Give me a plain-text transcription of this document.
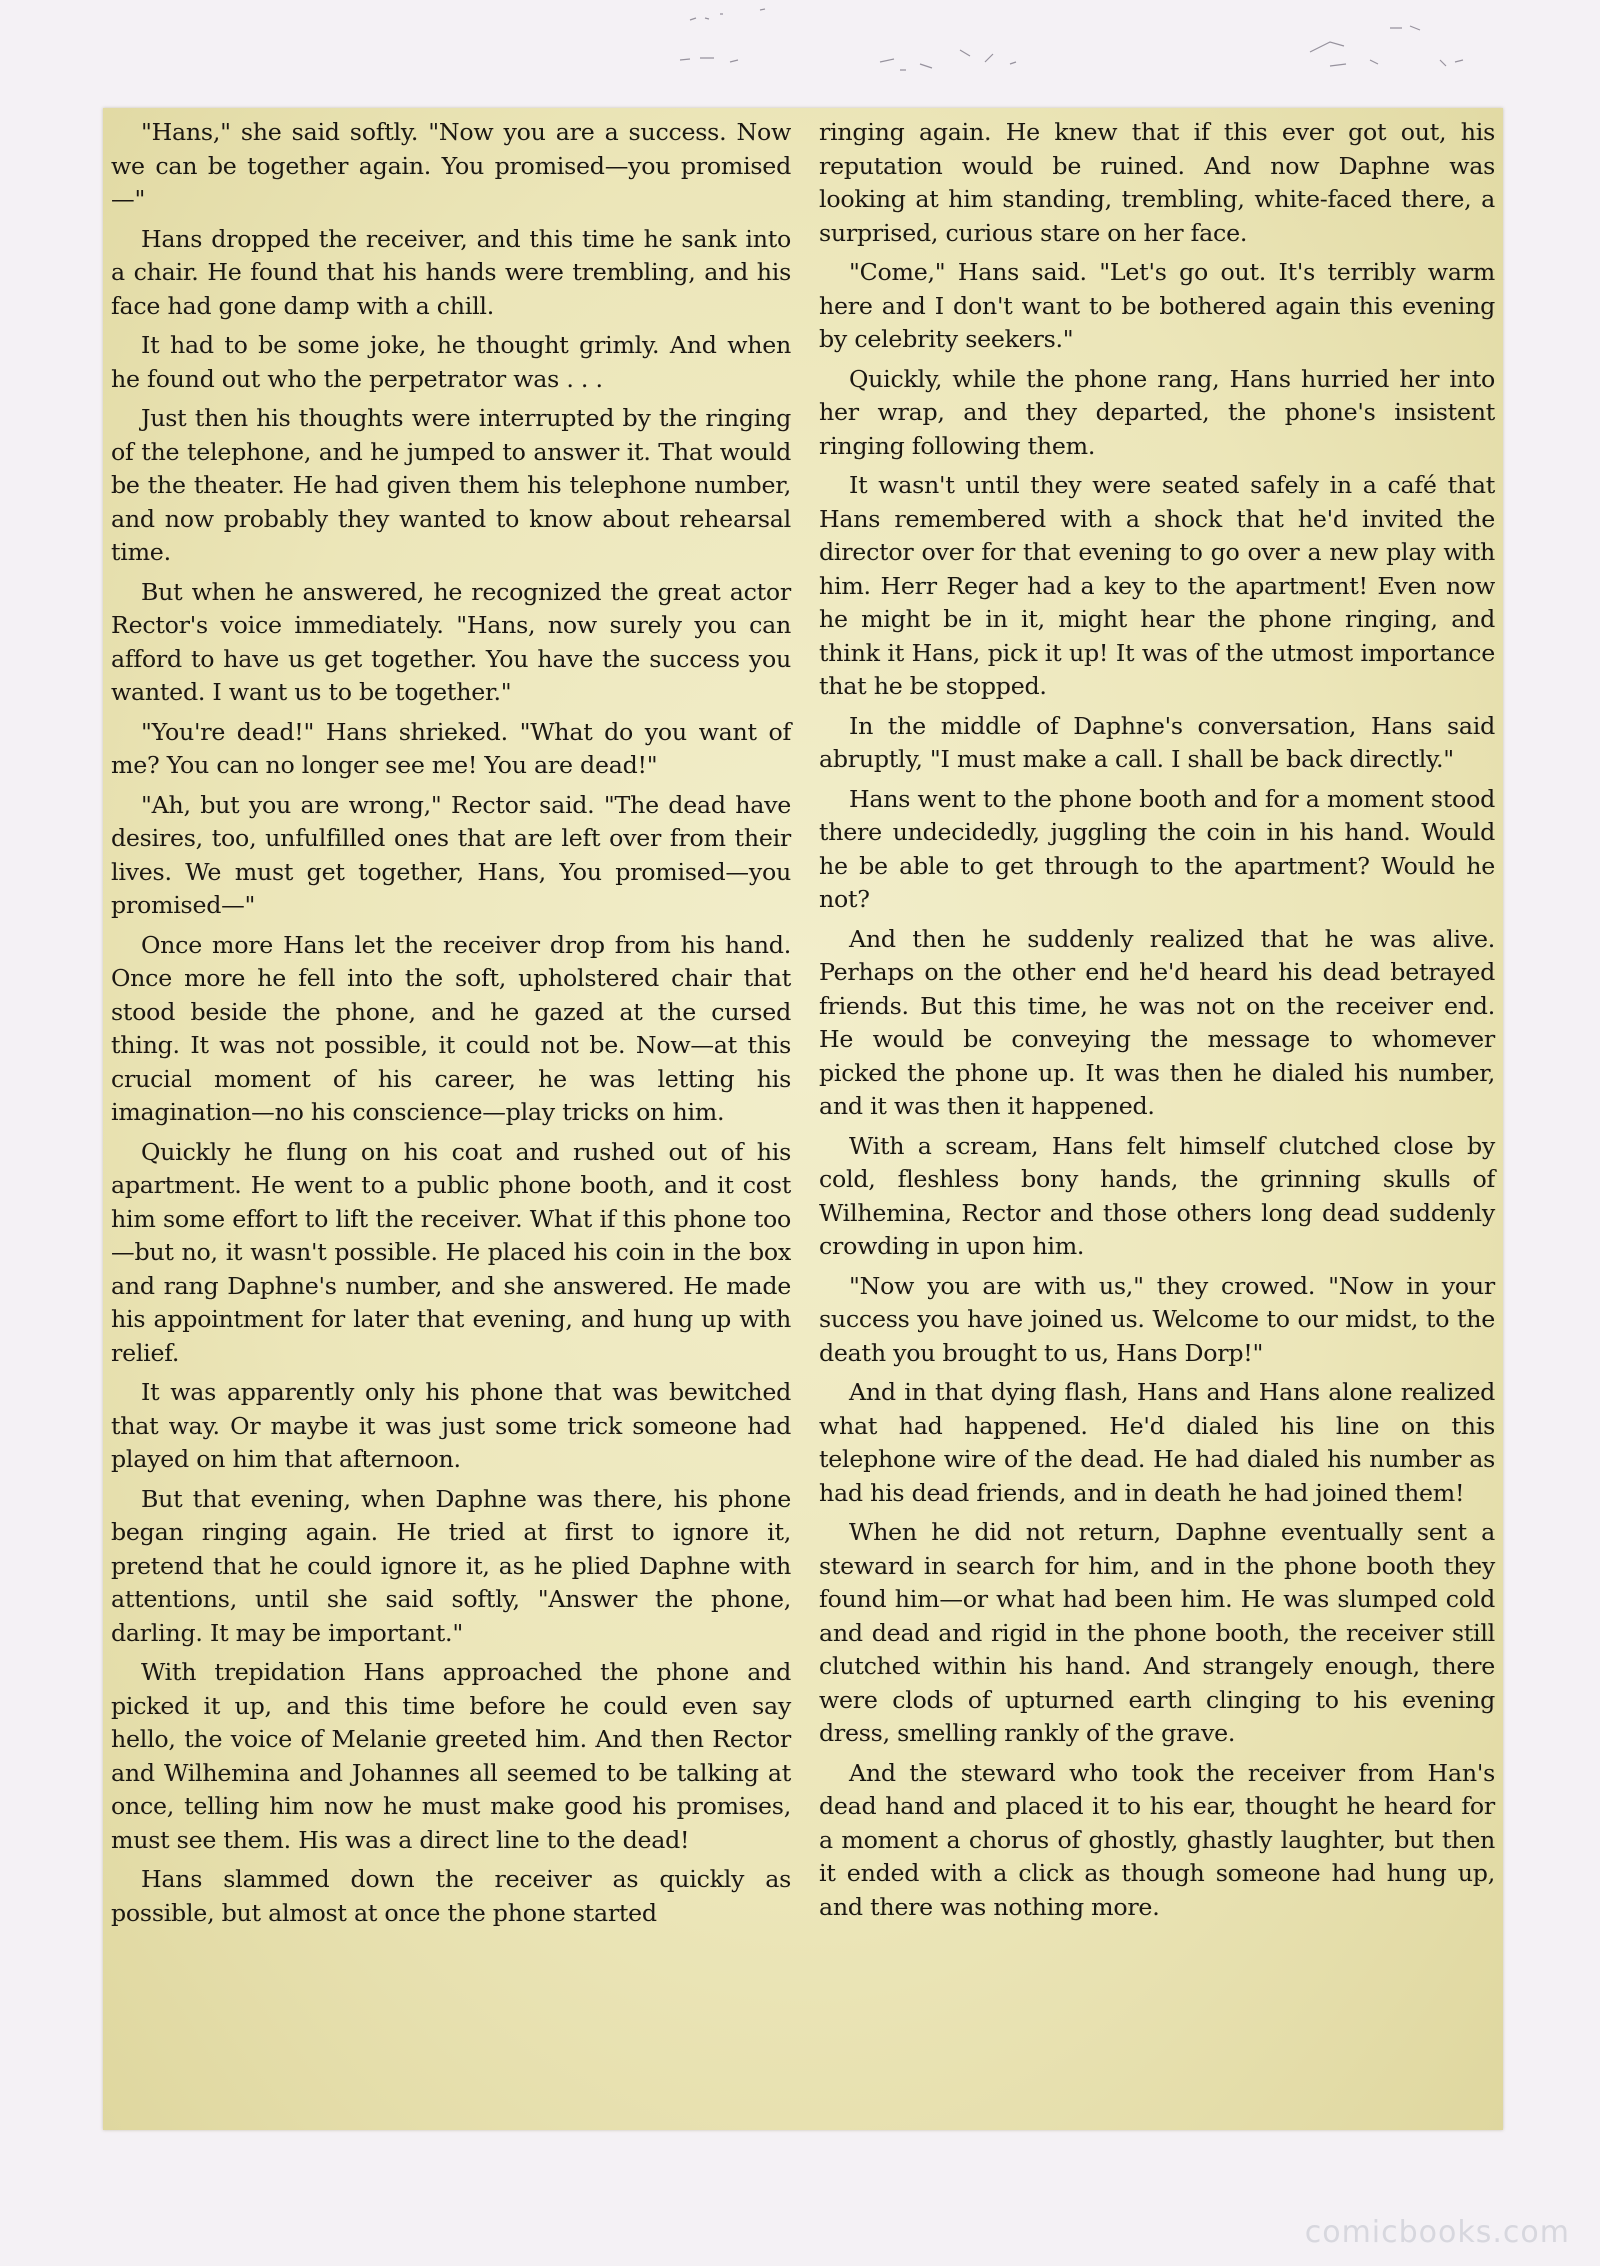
"Hans," she said softly. "Now you are a success. Now we can be together again. You promised—you promised—"

Hans dropped the receiver, and this time he sank into a chair. He found that his hands were trembling, and his face had gone damp with a chill.

It had to be some joke, he thought grimly. And when he found out who the perpetrator was . . .

Just then his thoughts were interrupted by the ringing of the telephone, and he jumped to answer it. That would be the theater. He had given them his telephone number, and now probably they wanted to know about rehearsal time.

But when he answered, he recognized the great actor Rector's voice immediately. "Hans, now surely you can afford to have us get together. You have the success you wanted. I want us to be together."

"You're dead!" Hans shrieked. "What do you want of me? You can no longer see me! You are dead!"

"Ah, but you are wrong," Rector said. "The dead have desires, too, unfulfilled ones that are left over from their lives. We must get together, Hans, You promised—you promised—"

Once more Hans let the receiver drop from his hand. Once more he fell into the soft, upholstered chair that stood beside the phone, and he gazed at the cursed thing. It was not possible, it could not be. Now—at this crucial moment of his career, he was letting his imagination—no his conscience—play tricks on him.

Quickly he flung on his coat and rushed out of his apartment. He went to a public phone booth, and it cost him some effort to lift the receiver. What if this phone too—but no, it wasn't possible. He placed his coin in the box and rang Daphne's number, and she answered. He made his appointment for later that evening, and hung up with relief.

It was apparently only his phone that was bewitched that way. Or maybe it was just some trick someone had played on him that afternoon.

But that evening, when Daphne was there, his phone began ringing again. He tried at first to ignore it, pretend that he could ignore it, as he plied Daphne with attentions, until she said softly, "Answer the phone, darling. It may be important."

With trepidation Hans approached the phone and picked it up, and this time before he could even say hello, the voice of Melanie greeted him. And then Rector and Wilhemina and Johannes all seemed to be talking at once, telling him now he must make good his promises, must see them. His was a direct line to the dead!

Hans slammed down the receiver as quickly as possible, but almost at once the phone started

ringing again. He knew that if this ever got out, his reputation would be ruined. And now Daphne was looking at him standing, trembling, white-faced there, a surprised, curious stare on her face.

"Come," Hans said. "Let's go out. It's terribly warm here and I don't want to be bothered again this evening by celebrity seekers."

Quickly, while the phone rang, Hans hurried her into her wrap, and they departed, the phone's insistent ringing following them.

It wasn't until they were seated safely in a café that Hans remembered with a shock that he'd invited the director over for that evening to go over a new play with him. Herr Reger had a key to the apartment! Even now he might be in it, might hear the phone ringing, and think it Hans, pick it up! It was of the utmost importance that he be stopped.

In the middle of Daphne's conversation, Hans said abruptly, "I must make a call. I shall be back directly."

Hans went to the phone booth and for a moment stood there undecidedly, juggling the coin in his hand. Would he be able to get through to the apartment? Would he not?

And then he suddenly realized that he was alive. Perhaps on the other end he'd heard his dead betrayed friends. But this time, he was not on the receiver end. He would be conveying the message to whomever picked the phone up. It was then he dialed his number, and it was then it happened.

With a scream, Hans felt himself clutched close by cold, fleshless bony hands, the grinning skulls of Wilhemina, Rector and those others long dead suddenly crowding in upon him.

"Now you are with us," they crowed. "Now in your success you have joined us. Welcome to our midst, to the death you brought to us, Hans Dorp!"

And in that dying flash, Hans and Hans alone realized what had happened. He'd dialed his line on this telephone wire of the dead. He had dialed his number as had his dead friends, and in death he had joined them!

When he did not return, Daphne eventually sent a steward in search for him, and in the phone booth they found him—or what had been him. He was slumped cold and dead and rigid in the phone booth, the receiver still clutched within his hand. And strangely enough, there were clods of upturned earth clinging to his evening dress, smelling rankly of the grave.

And the steward who took the receiver from Han's dead hand and placed it to his ear, thought he heard for a moment a chorus of ghostly, ghastly laughter, but then it ended with a click as though someone had hung up, and there was nothing more.

comicbooks.com
